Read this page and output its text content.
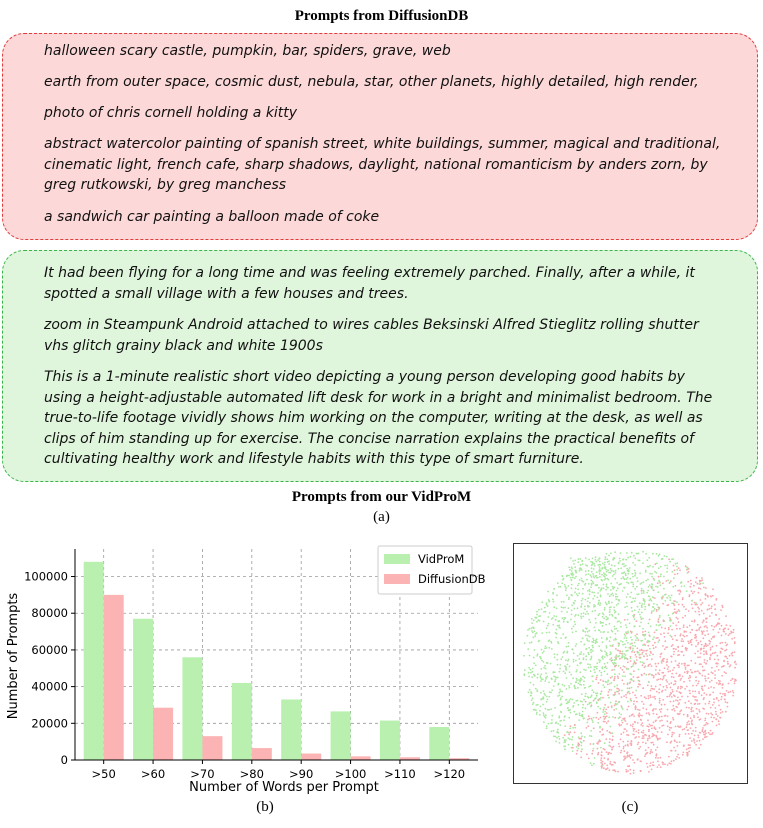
Prompts from DiffusionDB
halloween scary castle, pumpkin, bar, spiders, grave, web
earth from outer space, cosmic dust, nebula, star, other planets, highly detailed, high render,
photo of chris cornell holding a kitty
abstract watercolor painting of spanish street, white buildings, summer, magical and traditional, cinematic light, french cafe, sharp shadows, daylight, national romanticism by anders zorn, by greg rutkowski, by greg manchess
a sandwich car painting a balloon made of coke
It had been flying for a long time and was feeling extremely parched. Finally, after a while, it spotted a small village with a few houses and trees.
zoom in Steampunk Android attached to wires cables Beksinski Alfred Stieglitz rolling shutter vhs glitch grainy black and white 1900s
This is a 1-minute realistic short video depicting a young person developing good habits by using a height-adjustable automated lift desk for work in a bright and minimalist bedroom. The true-to-life footage vividly shows him working on the computer, writing at the desk, as well as clips of him standing up for exercise. The concise narration explains the practical benefits of cultivating healthy work and lifestyle habits with this type of smart furniture.
Prompts from our VidProM
(a)
0
20000
40000
60000
80000
100000
>50 >60 >70 >80 >90 >100 >110 >120
Number of Prompts
Number of Words per Prompt
VidProM
DiffusionDB
(b)	(c)
